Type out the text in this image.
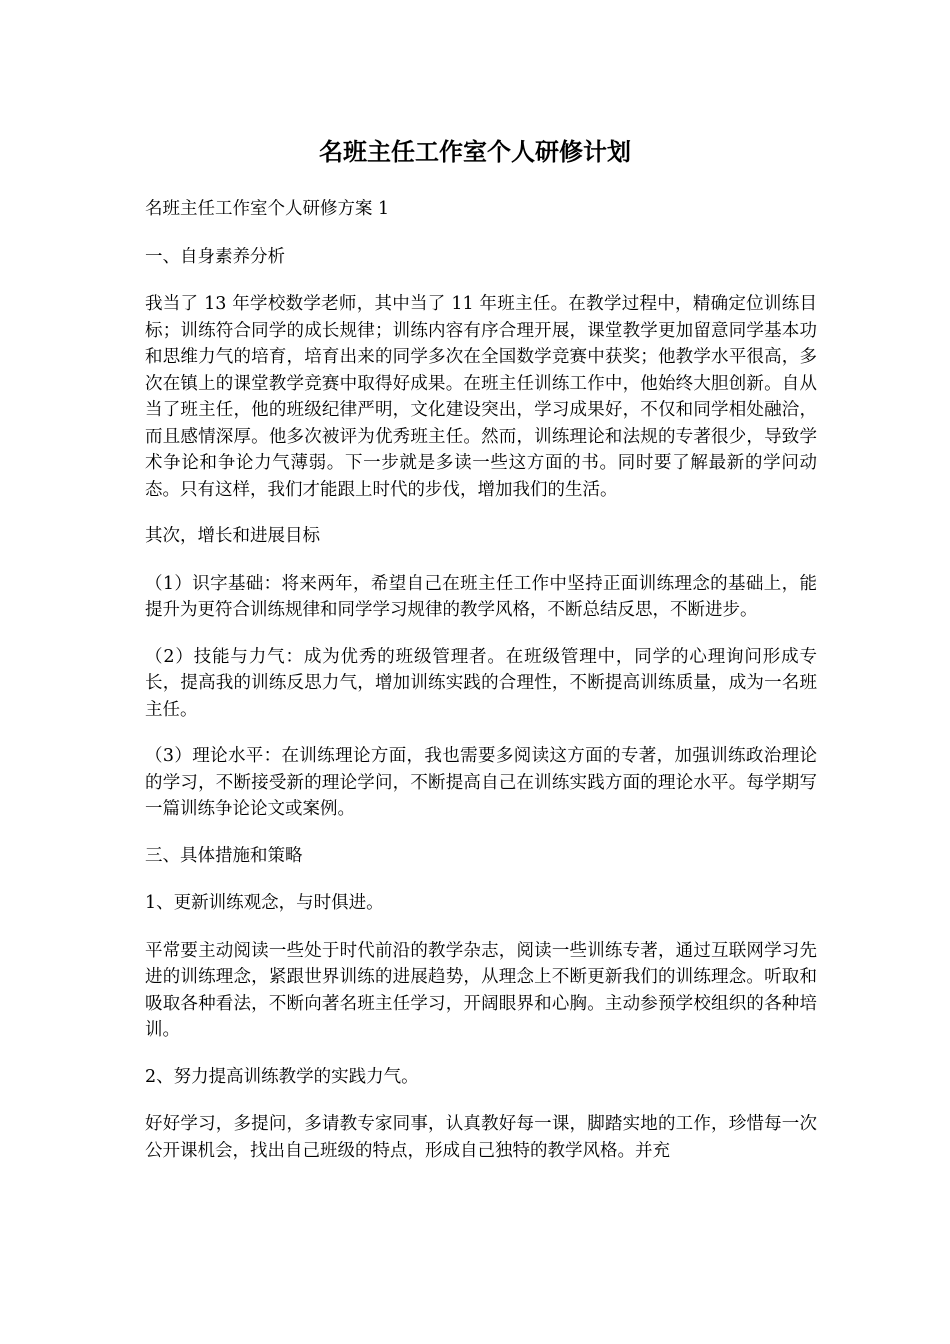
名班主任工作室个人研修计划

名班主任工作室个人研修方案 1

一、自身素养分析

我当了 13 年学校数学老师，其中当了 11 年班主任。在教学过程中，精确定位训练目标；训练符合同学的成长规律；训练内容有序合理开展，课堂教学更加留意同学基本功和思维力气的培育，培育出来的同学多次在全国数学竞赛中获奖；他教学水平很高，多次在镇上的课堂教学竞赛中取得好成果。在班主任训练工作中，他始终大胆创新。自从当了班主任，他的班级纪律严明，文化建设突出，学习成果好，不仅和同学相处融洽，而且感情深厚。他多次被评为优秀班主任。然而，训练理论和法规的专著很少，导致学术争论和争论力气薄弱。下一步就是多读一些这方面的书。同时要了解最新的学问动态。只有这样，我们才能跟上时代的步伐，增加我们的生活。

其次，增长和进展目标

（1）识字基础：将来两年，希望自己在班主任工作中坚持正面训练理念的基础上，能提升为更符合训练规律和同学学习规律的教学风格，不断总结反思，不断进步。

（2）技能与力气：成为优秀的班级管理者。在班级管理中，同学的心理询问形成专长，提高我的训练反思力气，增加训练实践的合理性，不断提高训练质量，成为一名班主任。

（3）理论水平：在训练理论方面，我也需要多阅读这方面的专著，加强训练政治理论的学习，不断接受新的理论学问，不断提高自己在训练实践方面的理论水平。每学期写一篇训练争论论文或案例。

三、具体措施和策略

1、更新训练观念，与时俱进。

平常要主动阅读一些处于时代前沿的教学杂志，阅读一些训练专著，通过互联网学习先进的训练理念，紧跟世界训练的进展趋势，从理念上不断更新我们的训练理念。听取和吸取各种看法，不断向著名班主任学习，开阔眼界和心胸。主动参预学校组织的各种培训。

2、努力提高训练教学的实践力气。

好好学习，多提问，多请教专家同事，认真教好每一课，脚踏实地的工作，珍惜每一次公开课机会，找出自己班级的特点，形成自己独特的教学风格。并充
